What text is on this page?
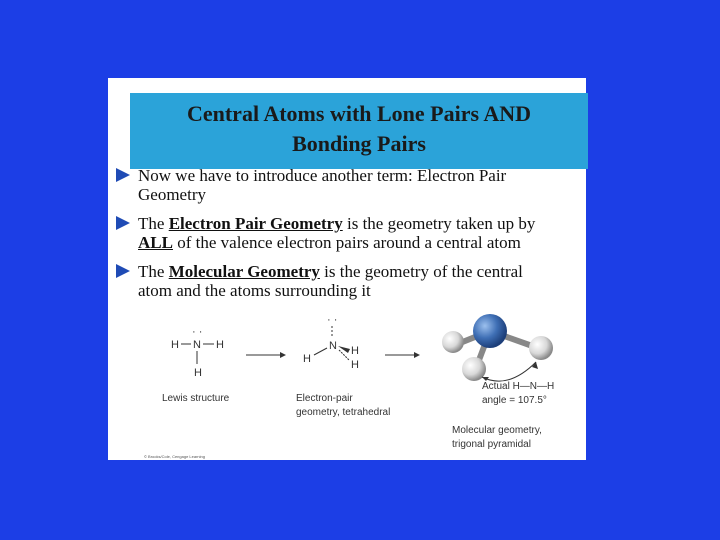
Central Atoms with Lone Pairs AND
Bonding Pairs
Now we have to introduce another term: Electron Pair
Geometry
The Electron Pair Geometry is the geometry taken up by
ALL of the valence electron pairs around a central atom
The Molecular Geometry is the geometry of the central
atom and the atoms surrounding it
· ·
H N H
H
· ·
N
H
H
H
Lewis structure	Electron-pair
geometry, tetrahedral
Actual H—N—H
angle = 107.5°
Molecular geometry,
trigonal pyramidal
© Brooks/Cole, Cengage Learning
